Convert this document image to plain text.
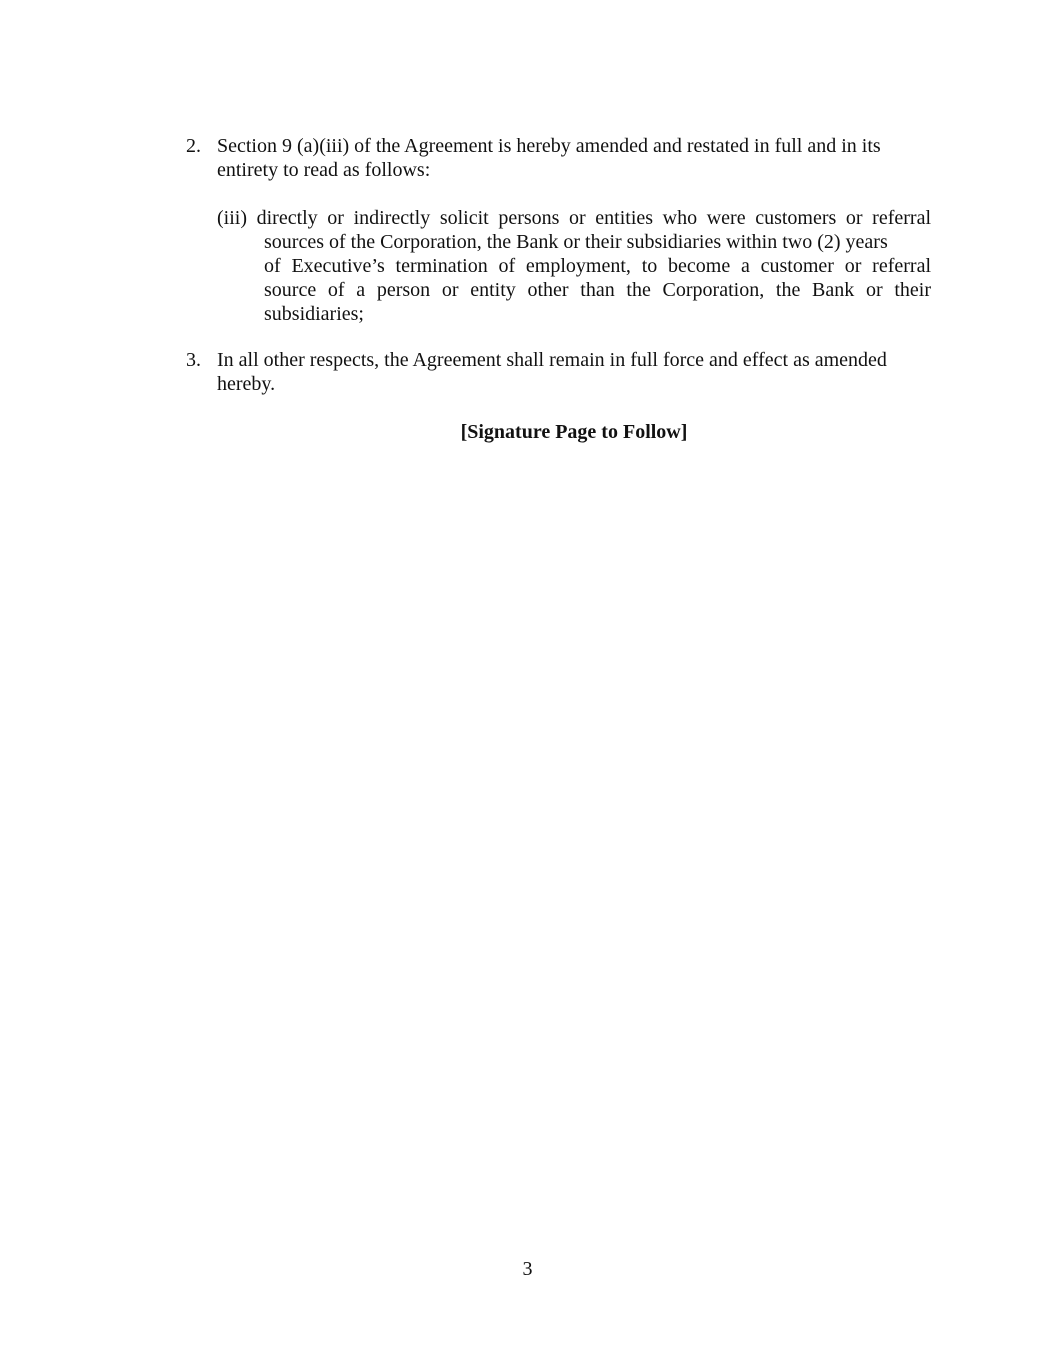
2. Section 9 (a)(iii) of the Agreement is hereby amended and restated in full and in its
entirety to read as follows:
(iii) directly or indirectly solicit persons or entities who were customers or referral
sources of the Corporation, the Bank or their subsidiaries within two (2) years
of Executive’s termination of employment, to become a customer or referral
source of a person or entity other than the Corporation, the Bank or their
subsidiaries;
3. In all other respects, the Agreement shall remain in full force and effect as amended
hereby.
[Signature Page to Follow]
3
